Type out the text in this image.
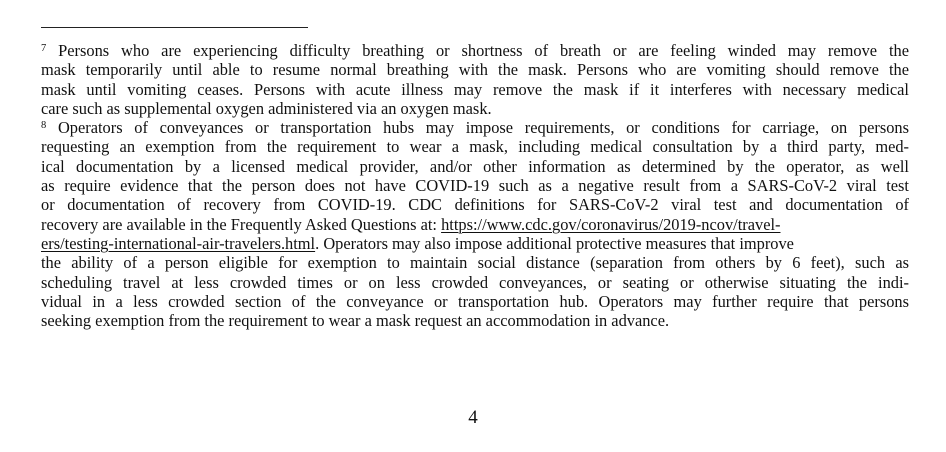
$^7$ Persons who are experiencing difficulty breathing or shortness of breath or are feeling winded may remove the
mask temporarily until able to resume normal breathing with the mask. Persons who are vomiting should remove the
mask until vomiting ceases. Persons with acute illness may remove the mask if it interferes with necessary medical
care such as supplemental oxygen administered via an oxygen mask.
$^8$ Operators of conveyances or transportation hubs may impose requirements, or conditions for carriage, on persons
requesting an exemption from the requirement to wear a mask, including medical consultation by a third party, med-
ical documentation by a licensed medical provider, and/or other information as determined by the operator, as well
as require evidence that the person does not have COVID-19 such as a negative result from a SARS-CoV-2 viral test
or documentation of recovery from COVID-19. CDC definitions for SARS-CoV-2 viral test and documentation of
recovery are available in the Frequently Asked Questions at: https://www.cdc.gov/coronavirus/2019-ncov/travel-
ers/testing-international-air-travelers.html. Operators may also impose additional protective measures that improve
the ability of a person eligible for exemption to maintain social distance (separation from others by 6 feet), such as
scheduling travel at less crowded times or on less crowded conveyances, or seating or otherwise situating the indi-
vidual in a less crowded section of the conveyance or transportation hub. Operators may further require that persons
seeking exemption from the requirement to wear a mask request an accommodation in advance.
4
